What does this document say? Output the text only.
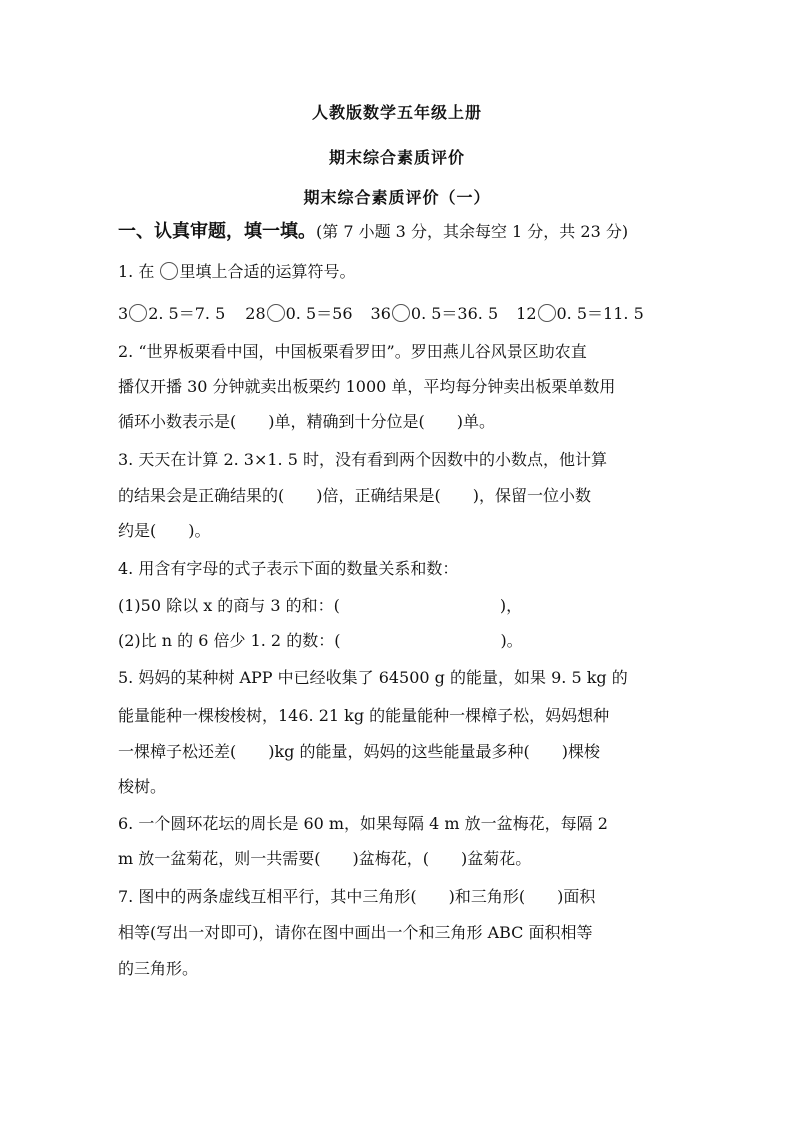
人教版数学五年级上册
期末综合素质评价
期末综合素质评价（一）
一、认真审题，填一填。(第 7 小题 3 分，其余每空 1 分，共 23 分)
1. 在 里填上合适的运算符号。
3 2. 5＝7. 5 28 0. 5＝56 36 0. 5＝36. 5 12 0. 5＝11. 5
2. “世界板栗看中国，中国板栗看罗田”。罗田燕儿谷风景区助农直
播仅开播 30 分钟就卖出板栗约 1000 单，平均每分钟卖出板栗单数用
循环小数表示是(　　)单，精确到十分位是(　　)单。
3. 天天在计算 2. 3×1. 5 时，没有看到两个因数中的小数点，他计算
的结果会是正确结果的(　　)倍，正确结果是(　　)，保留一位小数
约是(　　)。
4. 用含有字母的式子表示下面的数量关系和数：
(1)50 除以 x 的商与 3 的和：(　　　　　　　　　　)，
(2)比 n 的 6 倍少 1. 2 的数：(　　　　　　　　　　)。
5. 妈妈的某种树 APP 中已经收集了 64500 g 的能量，如果 9. 5 kg 的
能量能种一棵梭梭树，146. 21 kg 的能量能种一棵樟子松，妈妈想种
一棵樟子松还差(　　)kg 的能量，妈妈的这些能量最多种(　　)棵梭
梭树。
6. 一个圆环花坛的周长是 60 m，如果每隔 4 m 放一盆梅花，每隔 2
m 放一盆菊花，则一共需要(　　)盆梅花，(　　)盆菊花。
7. 图中的两条虚线互相平行，其中三角形(　　)和三角形(　　)面积
相等(写出一对即可)，请你在图中画出一个和三角形 ABC 面积相等
的三角形。
